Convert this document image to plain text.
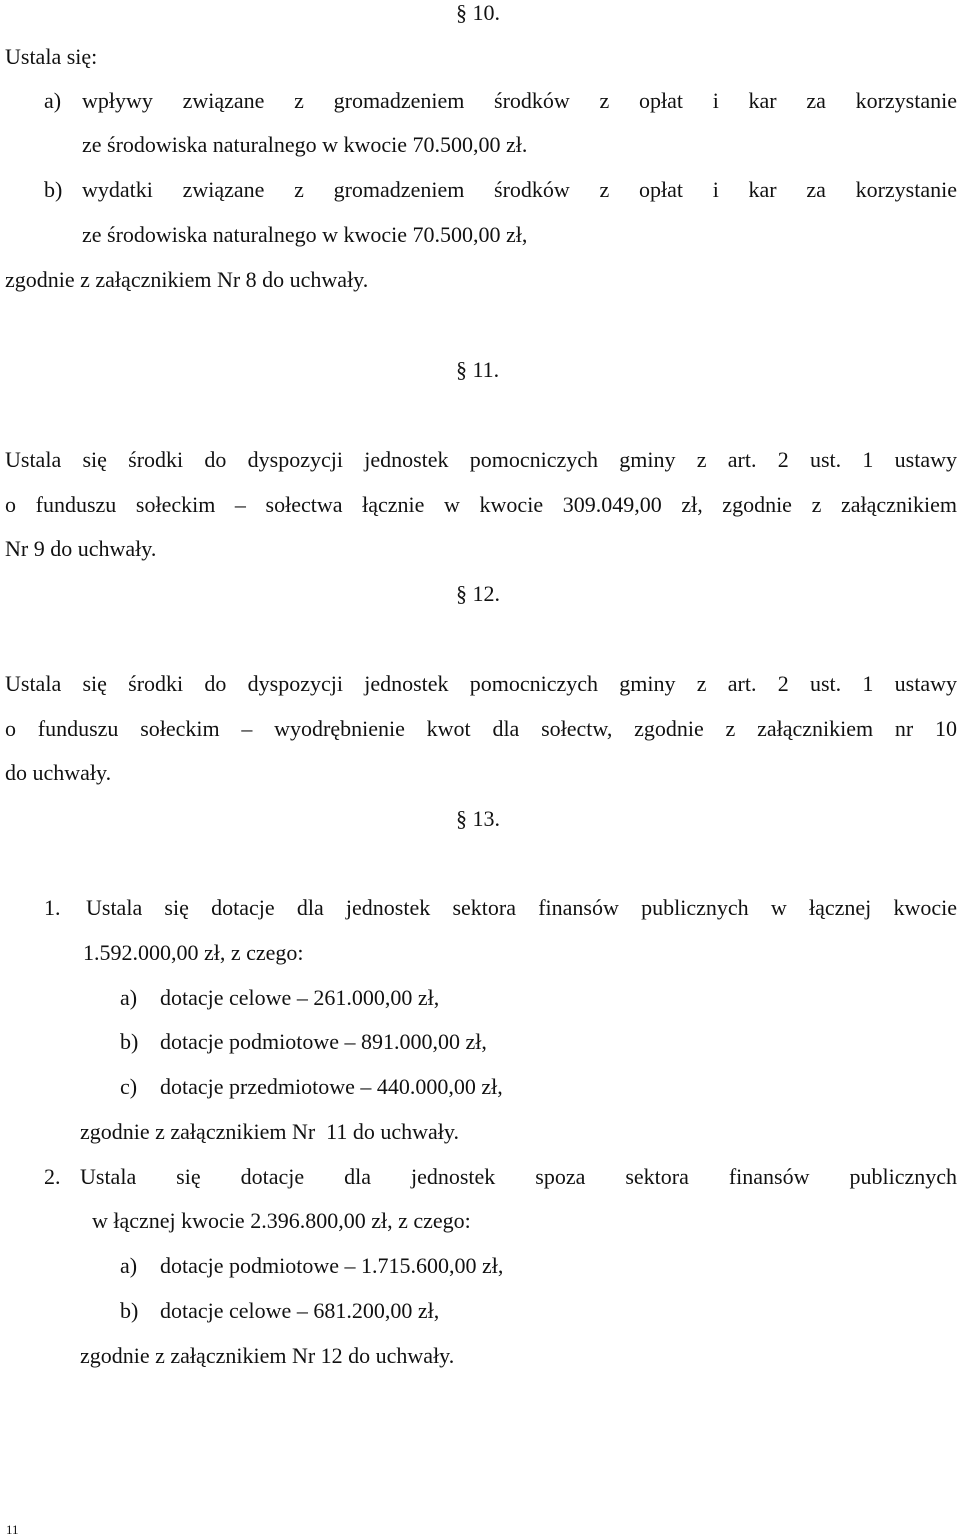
§ 10.
Ustala się:
a) wpływy związane z gromadzeniem środków z opłat i kar za korzystanie
ze środowiska naturalnego w kwocie 70.500,00 zł.
b) wydatki związane z gromadzeniem środków z opłat i kar za korzystanie
ze środowiska naturalnego w kwocie 70.500,00 zł,
zgodnie z załącznikiem Nr 8 do uchwały.
§ 11.
Ustala się środki do dyspozycji jednostek pomocniczych gminy z art. 2 ust. 1 ustawy
o funduszu sołeckim – sołectwa łącznie w kwocie 309.049,00 zł, zgodnie z załącznikiem
Nr 9 do uchwały.
§ 12.
Ustala się środki do dyspozycji jednostek pomocniczych gminy z art. 2 ust. 1 ustawy
o funduszu sołeckim – wyodrębnienie kwot dla sołectw, zgodnie z załącznikiem nr 10
do uchwały.
§ 13.
1. Ustala się dotacje dla jednostek sektora finansów publicznych w łącznej kwocie
1.592.000,00 zł, z czego:
a) dotacje celowe – 261.000,00 zł,
b) dotacje podmiotowe – 891.000,00 zł,
c) dotacje przedmiotowe – 440.000,00 zł,
zgodnie z załącznikiem Nr  11 do uchwały.
2. Ustala się dotacje dla jednostek spoza sektora finansów publicznych
w łącznej kwocie 2.396.800,00 zł, z czego:
a) dotacje podmiotowe – 1.715.600,00 zł,
b) dotacje celowe – 681.200,00 zł,
zgodnie z załącznikiem Nr 12 do uchwały.
11
